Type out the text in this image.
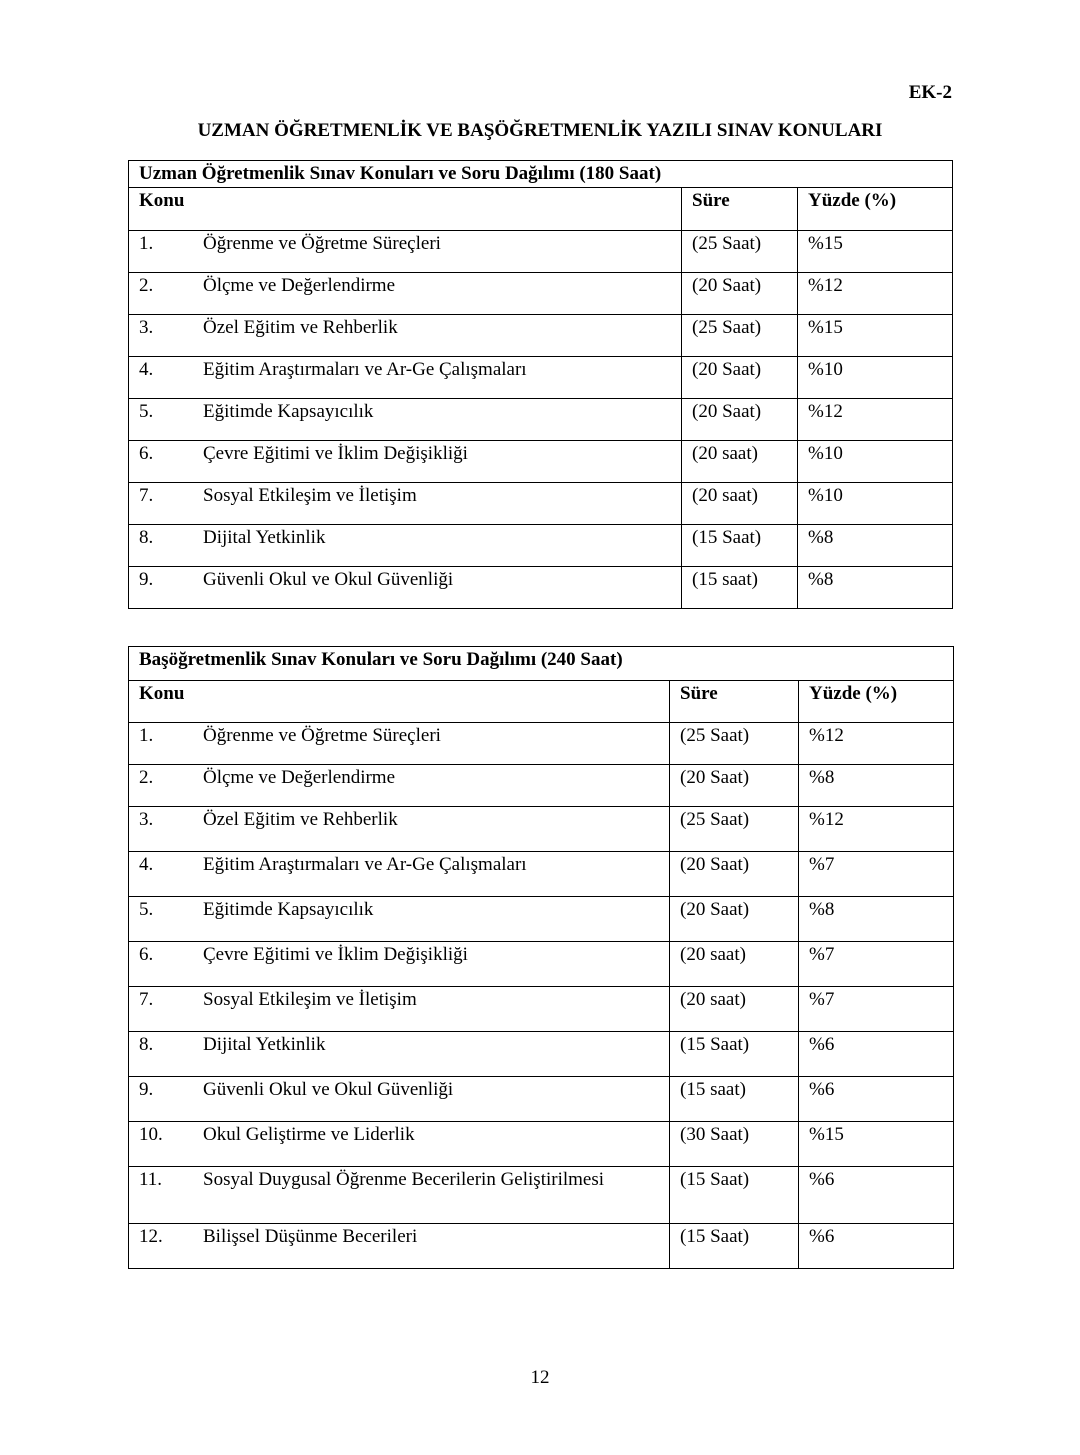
EK-2
UZMAN ÖĞRETMENLİK VE BAŞÖĞRETMENLİK YAZILI SINAV KONULARI
Uzman Öğretmenlik Sınav Konuları ve Soru Dağılımı (180 Saat)		
Konu	Süre	Yüzde (%)

1. Öğrenme ve Öğretme Süreçleri	(25 Saat)	%15

2. Ölçme ve Değerlendirme	(20 Saat)	%12

3. Özel Eğitim ve Rehberlik	(25 Saat)	%15

4. Eğitim Araştırmaları ve Ar-Ge Çalışmaları	(20 Saat)	%10

5. Eğitimde Kapsayıcılık	(20 Saat)	%12

6. Çevre Eğitimi ve İklim Değişikliği	(20 saat)	%10

7. Sosyal Etkileşim ve İletişim	(20 saat)	%10

8. Dijital Yetkinlik	(15 Saat)	%8

9. Güvenli Okul ve Okul Güvenliği	(15 saat)	%8
Başöğretmenlik Sınav Konuları ve Soru Dağılımı (240 Saat)		
Konu	Süre	Yüzde (%)

1. Öğrenme ve Öğretme Süreçleri	(25 Saat)	%12

2. Ölçme ve Değerlendirme	(20 Saat)	%8

3. Özel Eğitim ve Rehberlik	(25 Saat)	%12

4. Eğitim Araştırmaları ve Ar-Ge Çalışmaları	(20 Saat)	%7

5. Eğitimde Kapsayıcılık	(20 Saat)	%8

6. Çevre Eğitimi ve İklim Değişikliği	(20 saat)	%7

7. Sosyal Etkileşim ve İletişim	(20 saat)	%7

8. Dijital Yetkinlik	(15 Saat)	%6

9. Güvenli Okul ve Okul Güvenliği	(15 saat)	%6

10. Okul Geliştirme ve Liderlik	(30 Saat)	%15

11. Sosyal Duygusal Öğrenme Becerilerin Geliştirilmesi	(15 Saat)	%6

12. Bilişsel Düşünme Becerileri	(15 Saat)	%6
12
